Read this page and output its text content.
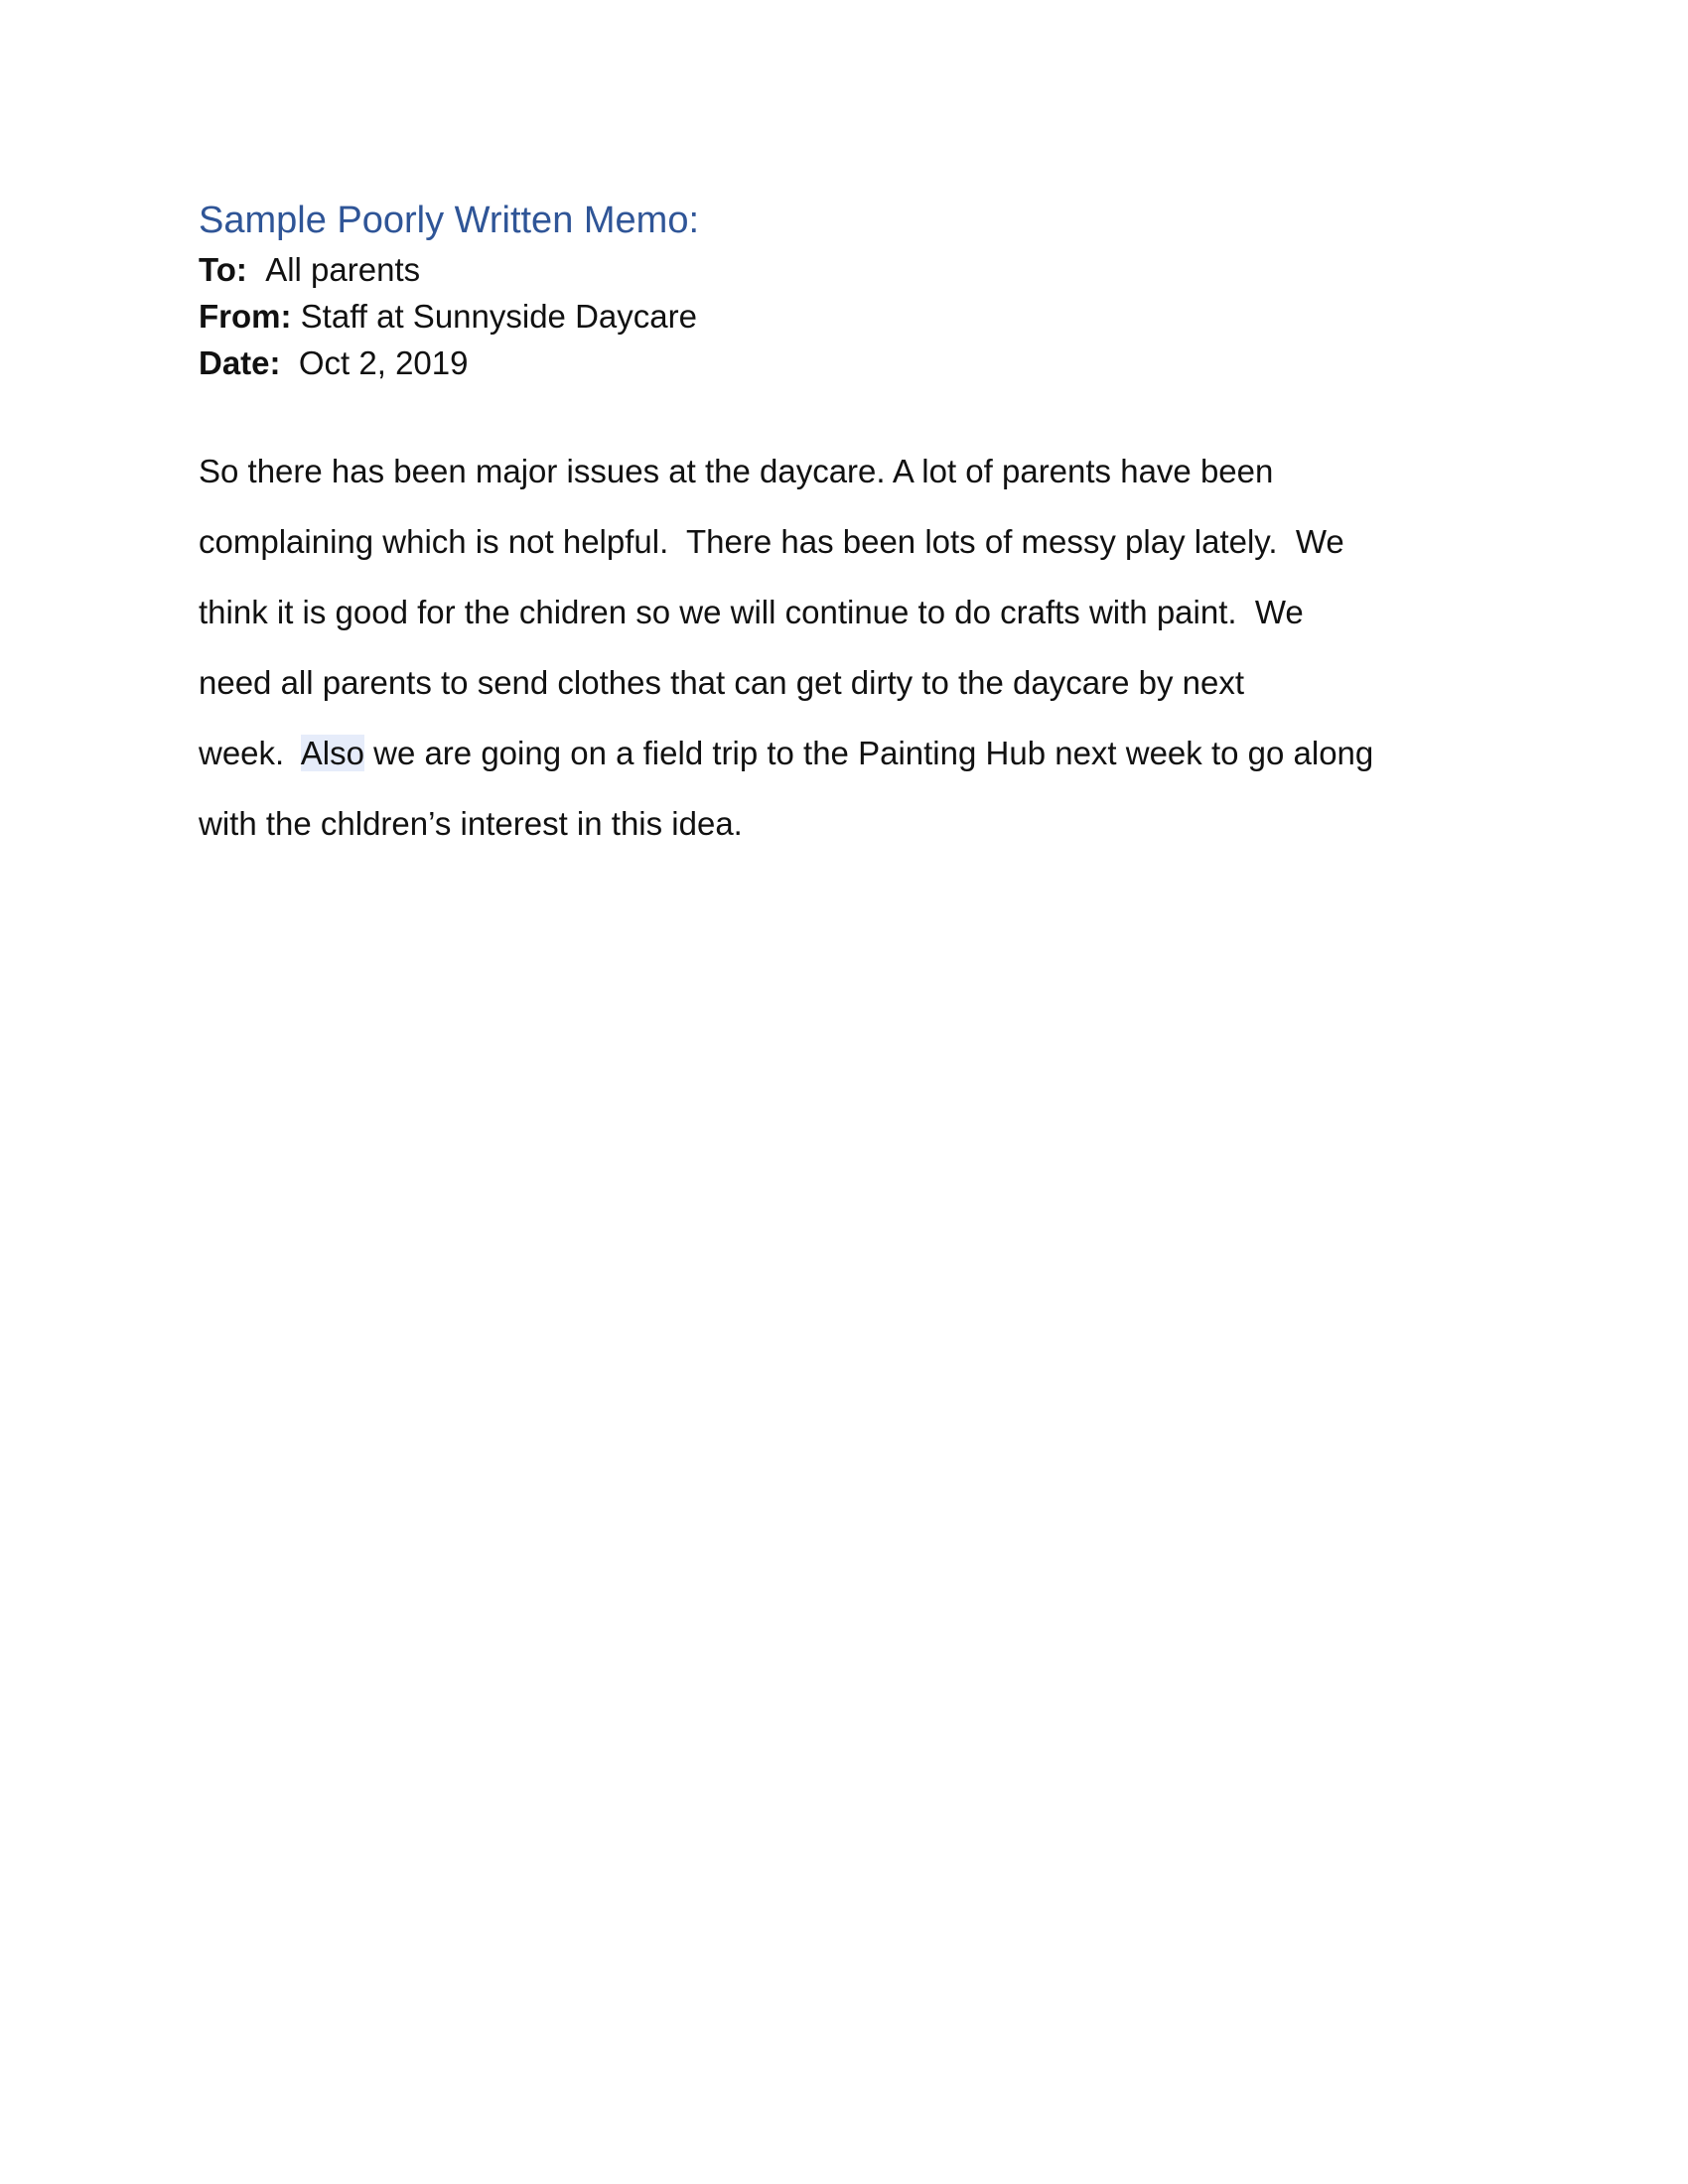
Sample Poorly Written Memo:
To: All parents
From: Staff at Sunnyside Daycare
Date: Oct 2, 2019
So there has been major issues at the daycare. A lot of parents have been
complaining which is not helpful.  There has been lots of messy play lately.  We
think it is good for the chidren so we will continue to do crafts with paint.  We
need all parents to send clothes that can get dirty to the daycare by next
week.  Also we are going on a field trip to the Painting Hub next week to go along
with the chldren’s interest in this idea.
